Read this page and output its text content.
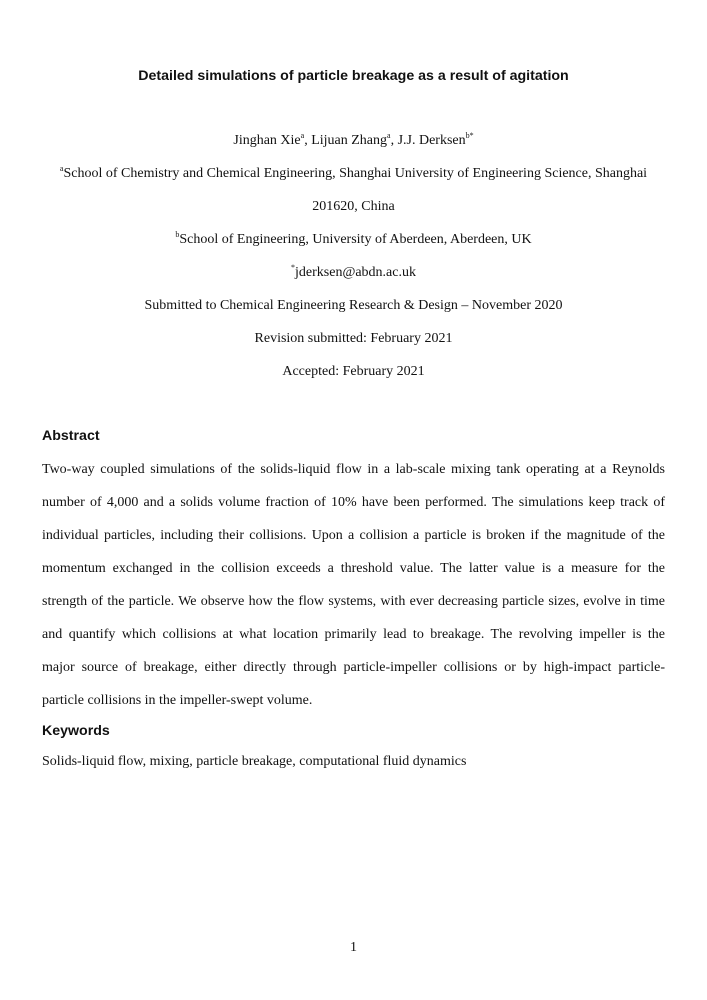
Detailed simulations of particle breakage as a result of agitation
Jinghan Xie$^a$, Lijuan Zhang$^a$, J.J. Derksen$^{b*}$
$^a$School of Chemistry and Chemical Engineering, Shanghai University of Engineering Science, Shanghai
201620, China
$^b$School of Engineering, University of Aberdeen, Aberdeen, UK
*jderksen@abdn.ac.uk
Submitted to Chemical Engineering Research & Design – November 2020
Revision submitted: February 2021
Accepted: February 2021
Abstract
Two-way coupled simulations of the solids-liquid flow in a lab-scale mixing tank operating at a Reynolds
number of 4,000 and a solids volume fraction of 10% have been performed. The simulations keep track of
individual particles, including their collisions. Upon a collision a particle is broken if the magnitude of the
momentum exchanged in the collision exceeds a threshold value. The latter value is a measure for the
strength of the particle. We observe how the flow systems, with ever decreasing particle sizes, evolve in time
and quantify which collisions at what location primarily lead to breakage. The revolving impeller is the
major source of breakage, either directly through particle-impeller collisions or by high-impact particle-
particle collisions in the impeller-swept volume.
Keywords
Solids-liquid flow, mixing, particle breakage, computational fluid dynamics
1
